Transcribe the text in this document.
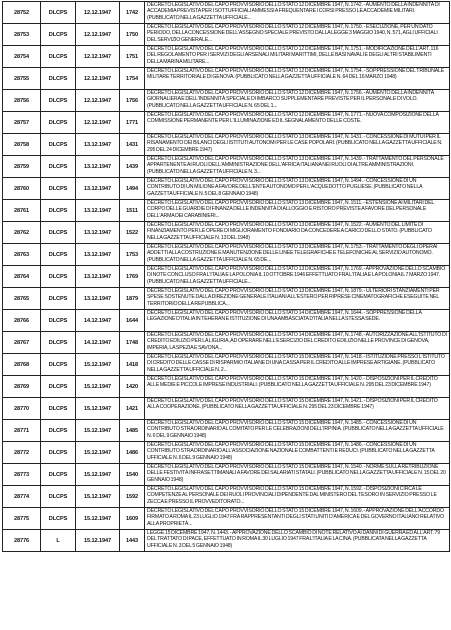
28752	DLCPS	12.12.1947	1742	DECRETO LEGISLATIVO DEL CAPO PROVVISORIO DELLO STATO 12 DICEMBRE 1947, N. 1742. - AUMENTO DELLA INDENNITÀ DI ACCADEMIA PREVISTA PER I SOTTUFFICIALI AMMESSI A FREQUENTARE I CORSI PRESSO LE ACCADEMIE MILITARI. (PUBBLICATO NELLA GAZZETTA UFFICIALE...

28753	DLCPS	12.12.1947	1750	DECRETO LEGISLATIVO DEL CAPO PROVVISORIO DELLO STATO 12 DICEMBRE 1947, N. 1750. - ESECUZIONE, PER UN DATO PERIODO, DELLA CONCESSIONE DELL'ASSEGNO SPECIALE PREVISTO DALLA LEGGE 3 MAGGIO 1940, N. 571, AGLI UFFICIALI DEL SERVIZIO GENERALE...

28754	DLCPS	12.12.1947	1751	DECRETO LEGISLATIVO DEL CAPO PROVVISORIO DELLO STATO 12 DICEMBRE 1947, N. 1751. - MODIFICAZIONE DELL'ART. 116 DEL REGOLAMENTO PER I SERVIZI DEGLI ARSENALI MILITARI MARITTIMI, DELLE BASI NAVALI E DEGLI ALTRI STABILIMENTI DELLA MARINA MILITARE...

28755	DLCPS	12.12.1947	1754	DECRETO LEGISLATIVO DEL CAPO PROVVISORIO DELLO STATO 12 DICEMBRE 1947, N. 1754. - SOPPRESSIONE DEL TRIBUNALE MILITARE TERRITORIALE DI GENOVA. (PUBBLICATO NELLA GAZZETTA UFFICIALE N. 64 DEL 16 MARZO 1948)

28756	DLCPS	12.12.1947	1756	DECRETO LEGISLATIVO DEL CAPO PROVVISORIO DELLO STATO 12 DICEMBRE 1947, N. 1756. - AUMENTO DELLA INDENNITÀ GIORNALIERA E DELL'INDENNITÀ SPECIALE DI IMBARCO SUPPLEMENTARE PREVISTE PER IL PERSONALE DI VOLO. (PUBBLICATO NELLA GAZZETTA UFFICIALE N. 65 DEL 1...

28757	DLCPS	12.12.1947	1771	DECRETO LEGISLATIVO DEL CAPO PROVVISORIO DELLO STATO 12 DICEMBRE 1947, N. 1771. - NUOVA COMPOSIZIONE DELLA COMMISSIONE PERMANENTE PER L'ILLUMINAZIONE ED IL SEGNALAMENTO DELLE COSTE.

28758	DLCPS	13.12.1947	1431	DECRETO LEGISLATIVO DEL CAPO PROVVISORIO DELLO STATO 13 DICEMBRE 1947, N. 1431. - CONCESSIONE DI MUTUI PER IL RISANAMENTO DEI BILANCI DEGLI ISTITUTI AUTONOMI PER LE CASE POPOLARI. (PUBBLICATO NELLA GAZZETTA UFFICIALE N. 295 DEL 24 DICEMBRE 1947)

28759	DLCPS	13.12.1947	1439	DECRETO LEGISLATIVO DEL CAPO PROVVISORIO DELLO STATO 13 DICEMBRE 1947, N. 1439. - TRATTAMENTO DEL PERSONALE APPARTENENTE AI RUOLI DELL'AMMINISTRAZIONE DELL'AFRICA ITALIANA NEI RUOLI DI ALTRE AMMINISTRAZIONI. (PUBBLICATO NELLA GAZZETTA UFFICIALE N. 3...

28760	DLCPS	13.12.1947	1494	DECRETO LEGISLATIVO DEL CAPO PROVVISORIO DELLO STATO 13 DICEMBRE 1947, N. 1494. - CONCESSIONE DI UN CONTRIBUTO DI UN MILIONE A FAVORE DELL'ENTE AUTONOMO PER L'ACQUEDOTTO PUGLIESE. (PUBBLICATO NELLA GAZZETTA UFFICIALE N. 5 DEL 8 GENNAIO 1948)

28761	DLCPS	13.12.1947	1511	DECRETO LEGISLATIVO DEL CAPO PROVVISORIO DELLO STATO 13 DICEMBRE 1947, N. 1511. - ESTENSIONE AI MILITARI DEL CORPO DELLE GUARDIE DI FINANZA DELLE INDENNITÀ DI ALLOGGIO E RISTORO PREVISTE A FAVORE DEL PERSONALE DELL'ARMA DEI CARABINIERI...

28762	DLCPS	13.12.1947	1522	DECRETO LEGISLATIVO DEL CAPO PROVVISORIO DELLO STATO 13 DICEMBRE 1947, N. 1522. - AUMENTO DEL LIMITE DI FINANZIAMENTO PER LE OPERE DI MIGLIORAMENTO FONDIARIO DA CONCEDERE A CARICO DELLO STATO. (PUBBLICATO NELLA GAZZETTA UFFICIALE N. 13 DEL 1948)

28763	DLCPS	13.12.1947	1753	DECRETO LEGISLATIVO DEL CAPO PROVVISORIO DELLO STATO 13 DICEMBRE 1947, N. 1753. - TRATTAMENTO DEGLI OPERAI ADDETTI ALLA COSTRUZIONE E MANUTENZIONE DELLE LINEE TELEGRAFICHE E TELEFONICHE AL SERVIZIO AUTONOMO. (PUBBLICATO NELLA GAZZETTA UFFICIALE N. 65 DE...

28764	DLCPS	13.12.1947	1769	DECRETO LEGISLATIVO DEL CAPO PROVVISORIO DELLO STATO 13 DICEMBRE 1947, N. 1769. - APPROVAZIONE DELLO SCAMBIO DI NOTE CONCLUSO FRA L'ITALIA E LA POLONIA IL 10 OTTOBRE 1946 EFFETTUATO FRA L'ITALIA E LA POLONIA IL 7 MARZO 1947. (PUBBLICATO NELLA GAZZETTA UFFICIALE...

28765	DLCPS	13.12.1947	1879	DECRETO LEGISLATIVO DEL CAPO PROVVISORIO DELLO STATO 13 DICEMBRE 1947, N. 1879. - ULTERIORI STANZIAMENTI PER SPESE SOSTENUTE DALLA DIREZIONE GENERALE ITALIANI ALL'ESTERO PER RIPRESE CINEMATOGRAFICHE ESEGUITE NEL TERRITORIO DELLA REPUBBLICA...

28766	DLCPS	14.12.1947	1644	DECRETO LEGISLATIVO DEL CAPO PROVVISORIO DELLO STATO 14 DICEMBRE 1947, N. 1644. - SOPPRESSIONE DELLA LEGAZIONE D'ITALIA IN TEHERAN E ISTITUZIONE DI UNA AMBASCIATA D'ITALIA NELLA STESSA SEDE.

28767	DLCPS	14.12.1947	1748	DECRETO LEGISLATIVO DEL CAPO PROVVISORIO DELLO STATO 14 DICEMBRE 1947, N. 1748. - AUTORIZZAZIONE ALL'ISTITUTO DI CREDITO EDILIZIO PER LA LIGURIA, AD OPERARE NELL'ESERCIZIO DEL CREDITO EDILIZIO NELLE PROVINCE DI GENOVA, IMPERIA, LA SPEZIA E SAVONA...

28768	DLCPS	15.12.1947	1418	DECRETO LEGISLATIVO DEL CAPO PROVVISORIO DELLO STATO 15 DICEMBRE 1947, N. 1418. - ISTITUZIONE PRESSO L'ISTITUTO DI CREDITO DELLE CASSE DI RISPARMIO ITALIANE DI UNA CASSA PER IL CREDITO ALLE IMPRESE ARTIGIANE. (PUBBLICATO NELLA GAZZETTA UFFICIALE N. 2...

28769	DLCPS	15.12.1947	1420	DECRETO LEGISLATIVO DEL CAPO PROVVISORIO DELLO STATO 15 DICEMBRE 1947, N. 1420. - DISPOSIZIONI PER IL CREDITO ALLE MEDIE E PICCOLE IMPRESE INDUSTRIALI. (PUBBLICATO NELLA GAZZETTA UFFICIALE N. 295 DEL 23 DICEMBRE 1947)

28770	DLCPS	15.12.1947	1421	DECRETO LEGISLATIVO DEL CAPO PROVVISORIO DELLO STATO 15 DICEMBRE 1947, N. 1421. - DISPOSIZIONI PER IL CREDITO ALLA COOPERAZIONE. (PUBBLICATO NELLA GAZZETTA UFFICIALE N. 295 DEL 23 DICEMBRE 1947)

28771	DLCPS	15.12.1947	1485	DECRETO LEGISLATIVO DEL CAPO PROVVISORIO DELLO STATO 15 DICEMBRE 1947, N. 1485. - CONCESSIONE DI UN CONTRIBUTO STRAORDINARIO AL COMITATO PER LE CELEBRAZIONI DELL'IRPINIA. (PUBBLICATO NELLA GAZZETTA UFFICIALE N. 6 DEL 9 GENNAIO 1948)

28772	DLCPS	15.12.1947	1486	DECRETO LEGISLATIVO DEL CAPO PROVVISORIO DELLO STATO 15 DICEMBRE 1947, N. 1486. - CONCESSIONE DI UN CONTRIBUTO STRAORDINARIO ALL'ASSOCIAZIONE NAZIONALE COMBATTENTI E REDUCI. (PUBBLICATO NELLA GAZZETTA UFFICIALE N. 6 DEL 9 GENNAIO 1948)

28773	DLCPS	15.12.1947	1540	DECRETO LEGISLATIVO DEL CAPO PROVVISORIO DELLO STATO 15 DICEMBRE 1947, N. 1540. - NORME SULLA RETRIBUZIONE DELLE FESTIVITÀ INFRASETTIMANALI A FAVORE DEI SALARIATI STATALI. (PUBBLICATO NELLA GAZZETTA UFFICIALE N. 15 DEL 20 GENNAIO 1948)

28774	DLCPS	15.12.1947	1592	DECRETO LEGISLATIVO DEL CAPO PROVVISORIO DELLO STATO 15 DICEMBRE 1947, N. 1592. - DISPOSIZIONI CIRCA LE COMPETENZE AL PERSONALE DEI RUOLI PROVINCIALI DIPENDENTE DAL MINISTERO DEL TESORO IN SERVIZIO PRESSO LE ZECCA E PRESSO IL PROVVEDITORATO...

28775	DLCPS	15.12.1947	1609	DECRETO LEGISLATIVO DEL CAPO PROVVISORIO DELLO STATO 15 DICEMBRE 1947, N. 1609. - APPROVAZIONE DELL'ACCORDO FIRMATO A ROMA IL 23 LUGLIO 1947 FRA RAPPRESENTANTI DEGLI STATI UNITI D'AMERICA E DEL GOVERNO ITALIANO RELATIVO ALLA PROPRIETÀ...

28776	L	15.12.1947	1443	LEGGE 15 DICEMBRE 1947, N. 1443. - APPROVAZIONE DELLO SCAMBIO DI NOTE RELATIVO AI DANNI DI GUERRA ED ALL'ART. 79 DEL TRATTATO DI PACE, EFFETTUATO IN ROMA IL 30 LUGLIO 1947 FRA L'ITALIA E LA CINA. (PUBBLICATA NELLA GAZZETTA UFFICIALE N. 3 DEL 5 GENNAIO 1948)
